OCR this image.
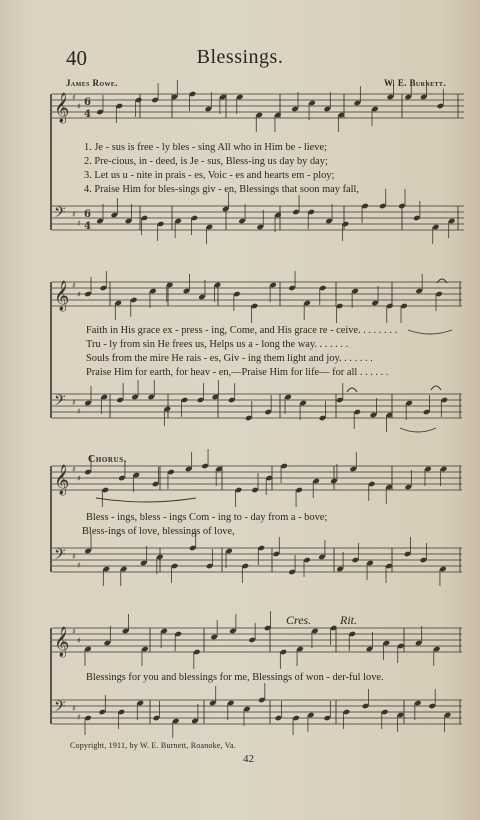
40	Blessings.
James Rowe.	W. E. Burnett.
𝄞 ♯
♯ 6
4
𝄢 ♯
♯
6
4
𝄞 ♯
♯
𝄢 ♯
♯
𝄞 ♯
♯
𝄢 ♯
♯
𝄞 ♯
♯
𝄢 ♯
♯
1. Je - sus is free - ly bles - sing All who in Him be - lieve;
2. Pre-cious, in - deed, is Je - sus, Bless-ing us day by day;
3. Let us u - nite in prais - es, Voic - es and hearts em - ploy;
4. Praise Him for bles-sings giv - en, Blessings that soon may fall,
Faith in His grace ex - press - ing, Come, and His grace re - ceive. . . . . . . .
Tru - ly from sin He frees us, Helps us a - long the way. . . . . . .
Souls from the mire He rais - es, Giv - ing them light and joy. . . . . . .
Praise Him for earth, for heav - en,—Praise Him for life— for all . . . . . .
Chorus.
Bless - ings, bless - ings Com - ing to - day from a - bove;
Bless-ings of love, blessings of love,
Cres. Rit.
Blessings for you and blessings for me, Blessings of won - der-ful love.
Copyright, 1911, by W. E. Burnett, Roanoke, Va.
42
